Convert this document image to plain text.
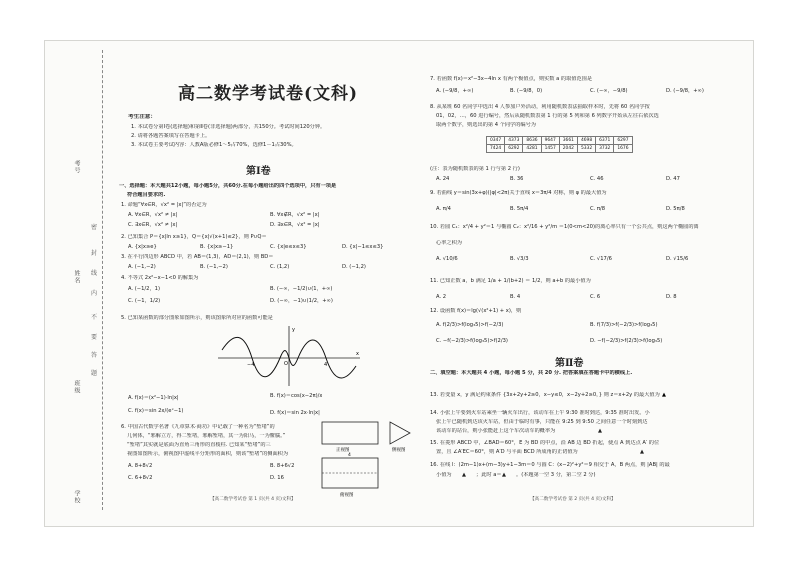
考号
姓名
班级
学校
密
封
线
内
不
要
答
题
高二数学考试卷(文科)
考生注意：
1. 本试卷分第Ⅰ卷(选择题)和第Ⅱ卷(非选择题)两部分，共150分。考试时间120分钟。
2. 请将各题答案填写在答题卡上。
3. 本试卷主要考试内容：人教A版必修1～5占70%，选修1－1占30%。
第Ⅰ卷
一、选择题：本大题共12小题，每小题5分，共60分.在每小题给出的四个选项中，只有一项是
符合题目要求的.
1. 命题“∀x∈R，√x² = |x|”的否定为
A. ∀x∈R，√x² ≠ |x|	B. ∀x∉R，√x² = |x|
C. ∃x∈R，√x² ≠ |x|	D. ∃x∈R，√x² = |x|
2. 已知集合 P＝{x|ln x≥1}，Q＝{x|√(x+1)≤2}，则 P∪Q＝
A. {x|x≥e}	B. {x|x≥−1}	C. {x|e≤x≤3}	D. {x|−1≤x≤3}
3. 在平行四边形 ABCD 中，若 AB＝(1,3)，AD＝(2,1)，则 BD＝
A. (−1,−2)	B. (−1,−2)	C. (1,2)	D. (−1,2)
4. 不等式 2x²−x−1<0 的解集为
A. (−1/2，1)	B. (−∞，−1/2)∪(1，+∞)
C. (−1，1/2)	D. (−∞，−1)∪(1/2，+∞)
5. 已知某函数的部分图象如图所示，则该图象所对应的函数可能是
A. f(x)＝(x²−1)·ln|x|	B. f(x)＝cos(x−2π)/x
C. f(x)＝sin 2x/(eˣ−1)	D. f(x)＝sin 2x·ln|x|
6. 中国古代数学名著《九章算术·商功》中记载了一种名为“堑堵”的
几何体，“邪解立方，得二堑堵，邪解堑堵，其一为阳马，一为鳖臑。”
“堑堵”其实就是底面为直角三角形的直棱柱. 已知某“堑堵”的三
视图如图所示，俯视图中虚线平分矩形的面积，则该“堑堵”的侧面积为
A. 8+8√2	B. 8+6√2
C. 6+8√2	D. 16
−4	O	4
x
y
正视图	侧视图
俯视图
4
7. 若函数 f(x)＝x²−3x−4ln x 有两个极值点，则实数 a 的取值范围是
A. (−9/8，+∞)	B. (−9/8，0)	C. (−∞，−9/8)	D. (−9/8，+∞)
8. 从某班 60 名同学中选出 4 人参加户外活动，利用随机数表法抽取样本时，先将 60 名同学按
01，02，…，60 进行编号，然后从随机数表第 1 行的第 5 列和第 6 列数字开始从左往右依次选
取两个数字，则选出的第 4 个同学的编号为
0347	4373	8636	9647	3661	4698	6371	6297
7424	6292	4281	1457	2042	5332	3732	1676
(注：表为随机数表的第 1 行与第 2 行)
A. 24	B. 36	C. 46	D. 47
9. 若曲线 y＝sin(3x+φ)(|φ|<2π)关于直线 x＝3π/4 对称，则 φ 的最大值为
A. π/4	B. 5π/4	C. π/8	D. 5π/8
10. 若圆 C₁：x²/4 + y²＝1 与椭圆 C₂：x²/16 + y²/m ＝1(0<m<20)的离心率只有一个公共点，则这两个椭圆的离
心率之积为
A. √10/6	B. √3/3	C. √17/6	D. √15/6
11. 已知正数 a，b 满足 1/a + 1/(b+2) ＝ 1/2，则 a+b 的最小值为
A. 2	B. 4	C. 6	D. 8
12. 设函数 f(x)＝lg(√(x²+1) + x)，则
A. f(2/3)>f(log₃5)>f(−2/3)	B. f(7/3)>f(−2/3)>f(log₃5)
C. −f(−2/3)>f(log₃5)>f(2/3)	D. −f(−2/3)>f(2/3)>f(log₃5)
第Ⅱ卷
二、填空题：本大题共 4 小题，每小题 5 分，共 20 分. 把答案填在答题卡中的横线上.
13. 若变量 x，y 满足约束条件 {3x+2y+2≥0，x−y≤0，x−2y+2≥0，} 则 z＝x+2y 的最大值为 ▲
14. 小张上午要到火车站乘坐一辆火车出行，该动车在上午 9:30 准时到达，9:35 准时出发。小
张上午已随机到达该火车站，但由于临时有事，只能在 9:25 到 9:50 之间任意一个时刻到达
该动车的站台，则小张能赶上这个车次动车的概率为	▲
15. 在菱形 ABCD 中，∠BAD＝60°，E 为 BD 的中点，沿 AB 边 BD 折起，使点 A 到达点 A′ 的位
置，且 ∠A′EC＝60°，则 A′D 与平面 BCD 所成角的正切值为	▲
16. 在线 l：(2m−1)x+(m−3)y+1−3m＝0 与圆 C：(x−2)²+y²＝9 相交于 A，B 两点，则 |AB| 的最
小值为 ▲ ；此时 a＝ ▲ 。(本题第一空 3 分，第二空 2 分)
【高二数学考试卷 第 1 页(共 4 页)文科】	【高二数学考试卷 第 2 页(共 4 页)文科】
